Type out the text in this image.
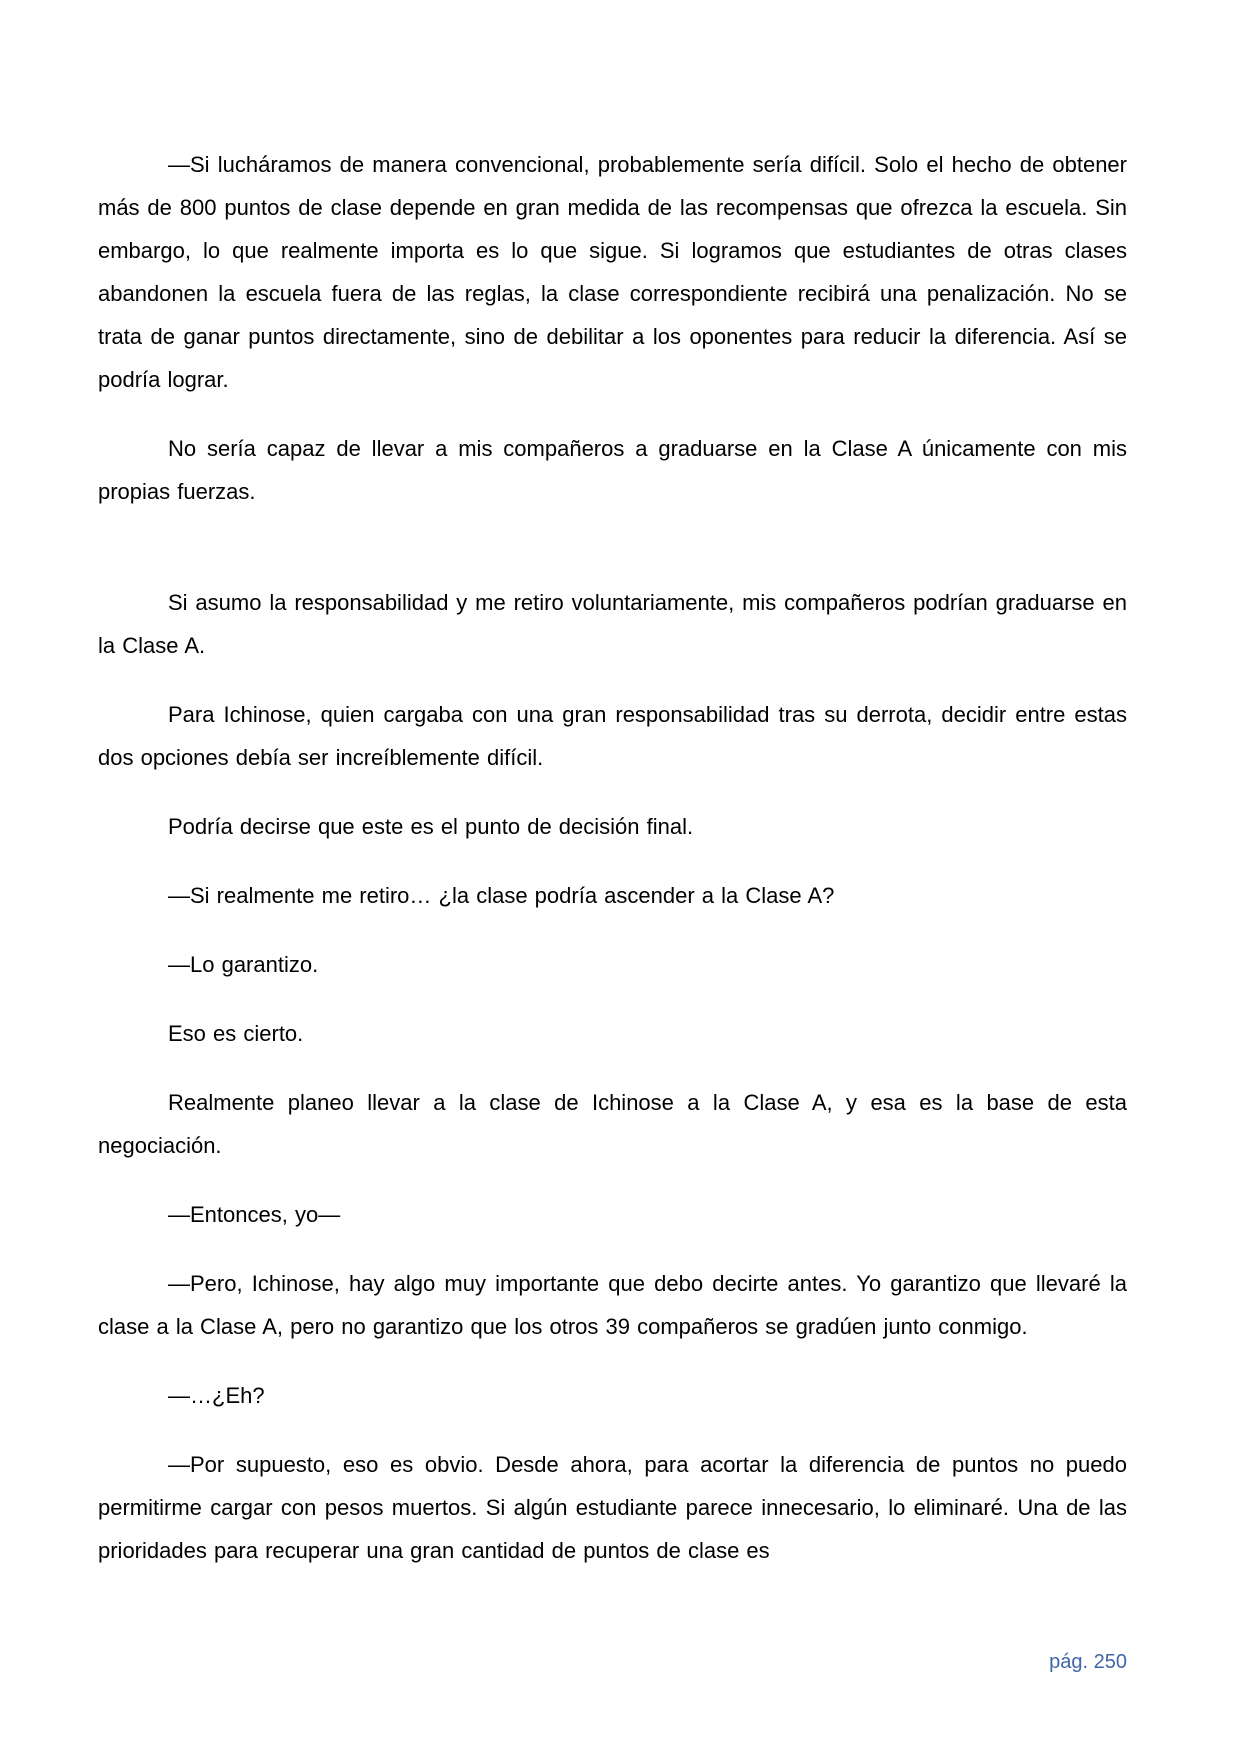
—Si lucháramos de manera convencional, probablemente sería difícil. Solo el hecho de obtener más de 800 puntos de clase depende en gran medida de las recompensas que ofrezca la escuela. Sin embargo, lo que realmente importa es lo que sigue. Si logramos que estudiantes de otras clases abandonen la escuela fuera de las reglas, la clase correspondiente recibirá una penalización. No se trata de ganar puntos directamente, sino de debilitar a los oponentes para reducir la diferencia. Así se podría lograr.

No sería capaz de llevar a mis compañeros a graduarse en la Clase A únicamente con mis propias fuerzas.

Si asumo la responsabilidad y me retiro voluntariamente, mis compañeros podrían graduarse en la Clase A.

Para Ichinose, quien cargaba con una gran responsabilidad tras su derrota, decidir entre estas dos opciones debía ser increíblemente difícil.

Podría decirse que este es el punto de decisión final.

—Si realmente me retiro… ¿la clase podría ascender a la Clase A?

—Lo garantizo.

Eso es cierto.

Realmente planeo llevar a la clase de Ichinose a la Clase A, y esa es la base de esta negociación.

—Entonces, yo—

—Pero, Ichinose, hay algo muy importante que debo decirte antes. Yo garantizo que llevaré la clase a la Clase A, pero no garantizo que los otros 39 compañeros se gradúen junto conmigo.

—…¿Eh?

—Por supuesto, eso es obvio. Desde ahora, para acortar la diferencia de puntos no puedo permitirme cargar con pesos muertos. Si algún estudiante parece innecesario, lo eliminaré. Una de las prioridades para recuperar una gran cantidad de puntos de clase es

pág. 250
